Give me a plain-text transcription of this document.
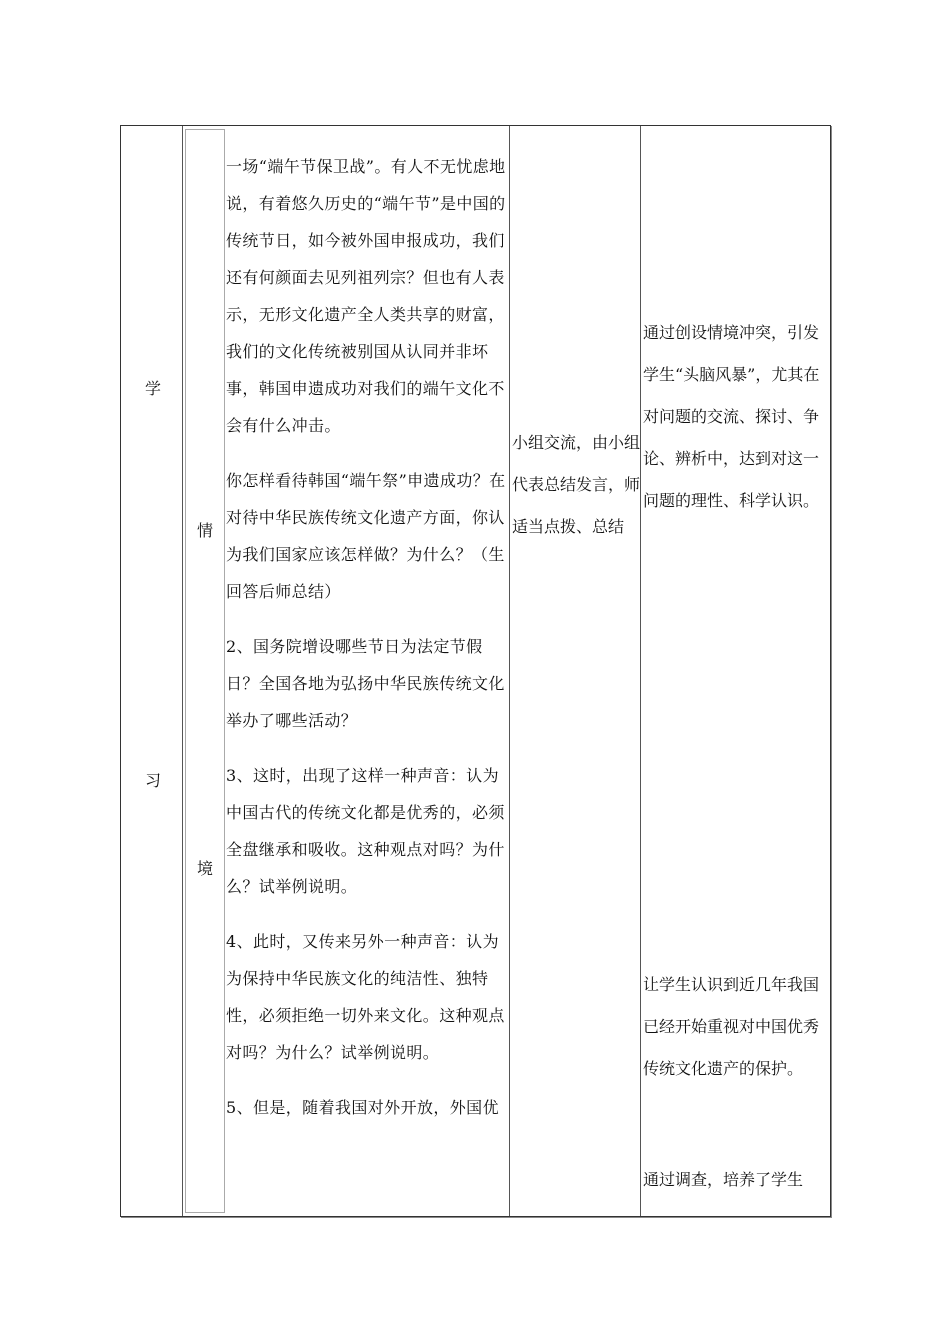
学
习
情
境

一场“端午节保卫战”。有人不无忧虑地说，有着悠久历史的“端午节”是中国的传统节日，如今被外国申报成功，我们还有何颜面去见列祖列宗？但也有人表示，无形文化遗产全人类共享的财富，我们的文化传统被别国从认同并非坏事，韩国申遗成功对我们的端午文化不会有什么冲击。

你怎样看待韩国“端午祭”申遗成功？在对待中华民族传统文化遗产方面，你认为我们国家应该怎样做？为什么？（生回答后师总结）

2、国务院增设哪些节日为法定节假日？全国各地为弘扬中华民族传统文化举办了哪些活动？

3、这时，出现了这样一种声音：认为中国古代的传统文化都是优秀的，必须全盘继承和吸收。这种观点对吗？为什么？试举例说明。

4、此时，又传来另外一种声音：认为为保持中华民族文化的纯洁性、独特性，必须拒绝一切外来文化。这种观点对吗？为什么？试举例说明。

5、但是，随着我国对外开放，外国优

小组交流，由小组代表总结发言，师适当点拨、总结

通过创设情境冲突，引发学生“头脑风暴”，尤其在对问题的交流、探讨、争论、辨析中，达到对这一问题的理性、科学认识。

让学生认识到近几年我国已经开始重视对中国优秀传统文化遗产的保护。

通过调查，培养了学生
